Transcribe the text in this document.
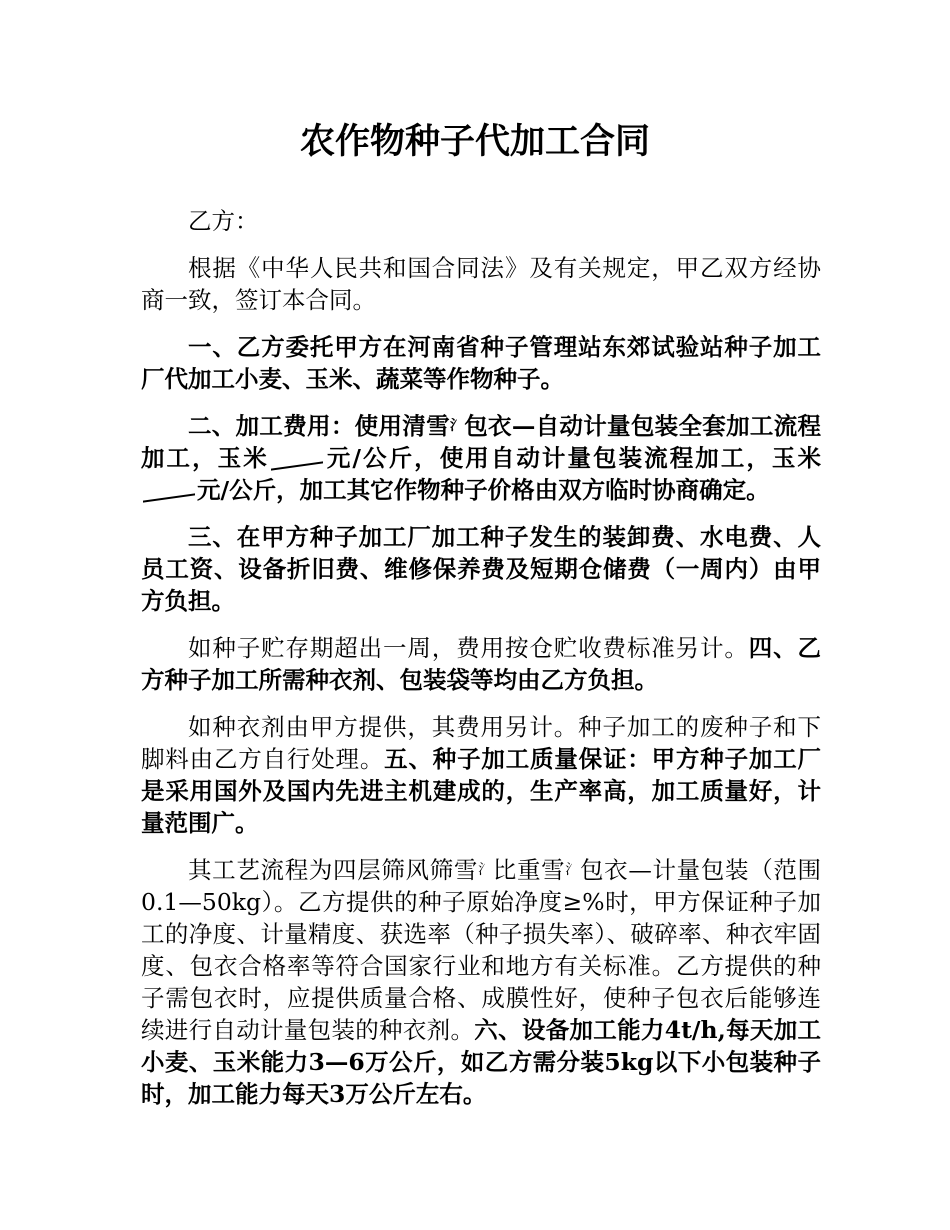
农作物种子代加工合同

乙方：

根据《中华人民共和国合同法》及有关规定，甲乙双方经协商一致，签订本合同。

一、乙方委托甲方在河南省种子管理站东郊试验站种子加工厂代加工小麦、玉米、蔬菜等作物种子。

二、加工费用：使用清雪$^氵$包衣—自动计量包装全套加工流程加工，玉米 元/公斤，使用自动计量包装流程加工，玉米元/公斤，加工其它作物种子价格由双方临时协商确定。

三、在甲方种子加工厂加工种子发生的装卸费、水电费、人员工资、设备折旧费、维修保养费及短期仓储费（一周内）由甲方负担。

如种子贮存期超出一周，费用按仓贮收费标准另计。四、乙方种子加工所需种衣剂、包装袋等均由乙方负担。

如种衣剂由甲方提供，其费用另计。种子加工的废种子和下脚料由乙方自行处理。五、种子加工质量保证：甲方种子加工厂是采用国外及国内先进主机建成的，生产率高，加工质量好，计量范围广。

其工艺流程为四层筛风筛雪$^氵$比重雪$^氵$包衣—计量包装（范围0.1—50kg）。乙方提供的种子原始净度≥%时，甲方保证种子加工的净度、计量精度、获选率（种子损失率）、破碎率、种衣牢固度、包衣合格率等符合国家行业和地方有关标准。乙方提供的种子需包衣时，应提供质量合格、成膜性好，使种子包衣后能够连续进行自动计量包装的种衣剂。六、设备加工能力4t/h,每天加工小麦、玉米能力3—6万公斤，如乙方需分装5kg以下小包装种子时，加工能力每天3万公斤左右。
